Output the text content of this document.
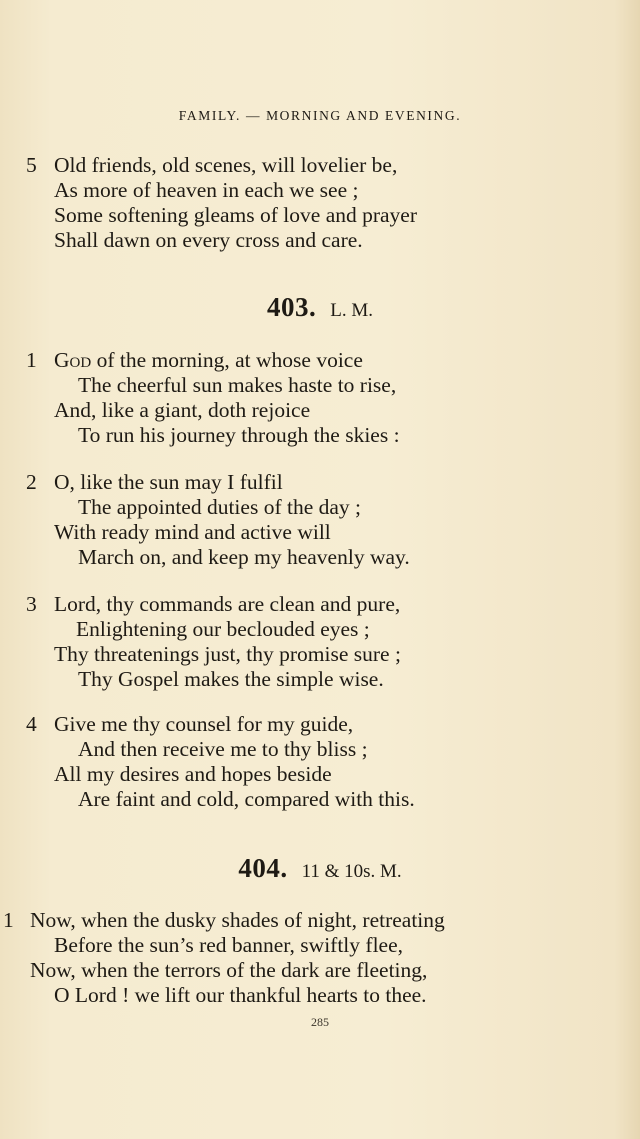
FAMILY. — MORNING AND EVENING.
5 Old friends, old scenes, will lovelier be,
As more of heaven in each we see ;
Some softening gleams of love and prayer
Shall dawn on every cross and care.
403. L. M.
1 God of the morning, at whose voice
The cheerful sun makes haste to rise,
And, like a giant, doth rejoice
To run his journey through the skies :
2 O, like the sun may I fulfil
The appointed duties of the day ;
With ready mind and active will
March on, and keep my heavenly way.
3 Lord, thy commands are clean and pure,
Enlightening our beclouded eyes ;
Thy threatenings just, thy promise sure ;
Thy Gospel makes the simple wise.
4 Give me thy counsel for my guide,
And then receive me to thy bliss ;
All my desires and hopes beside
Are faint and cold, compared with this.
404. 11 & 10s. M.
1 Now, when the dusky shades of night, retreating
Before the sun’s red banner, swiftly flee,
Now, when the terrors of the dark are fleeting,
O Lord ! we lift our thankful hearts to thee.
285
